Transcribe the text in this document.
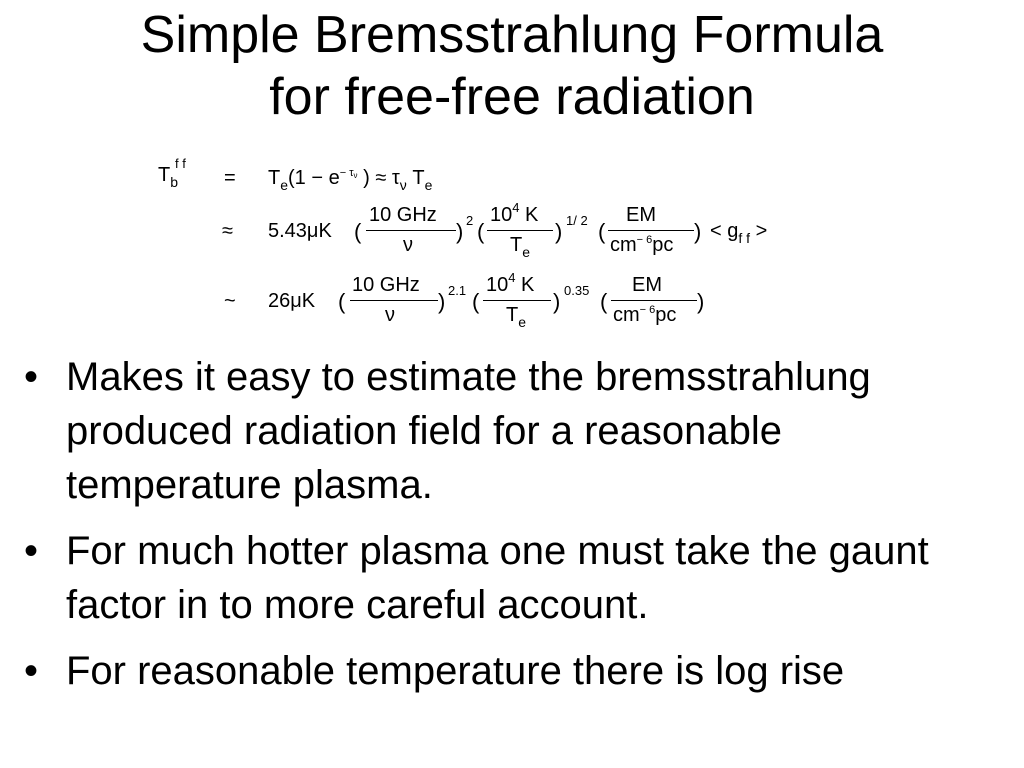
Simple Bremsstrahlung Formula
for free-free radiation
$T_b$
f f
= $T_e(1 - e^{- \tau\nu}$ ) ≈ $\tau_\nu$ $T_e$
≈ 5.43μK (
10 GHz
ν
) 2 (
$10^4$ K
$T_e$
) 1/ 2 (
EM
$cm^{- 6}pc$
) < $g_{f f}$ >
~ 26μK (
10 GHz
ν
) 2.1 (
$10^4$ K
$T_e$
) 0.35 (
EM
$cm^{- 6}pc$
)
• Makes it easy to estimate the bremsstrahlung produced radiation field for a reasonable temperature plasma.
• For much hotter plasma one must take the gaunt factor in to more careful account.
• For reasonable temperature there is log rise
